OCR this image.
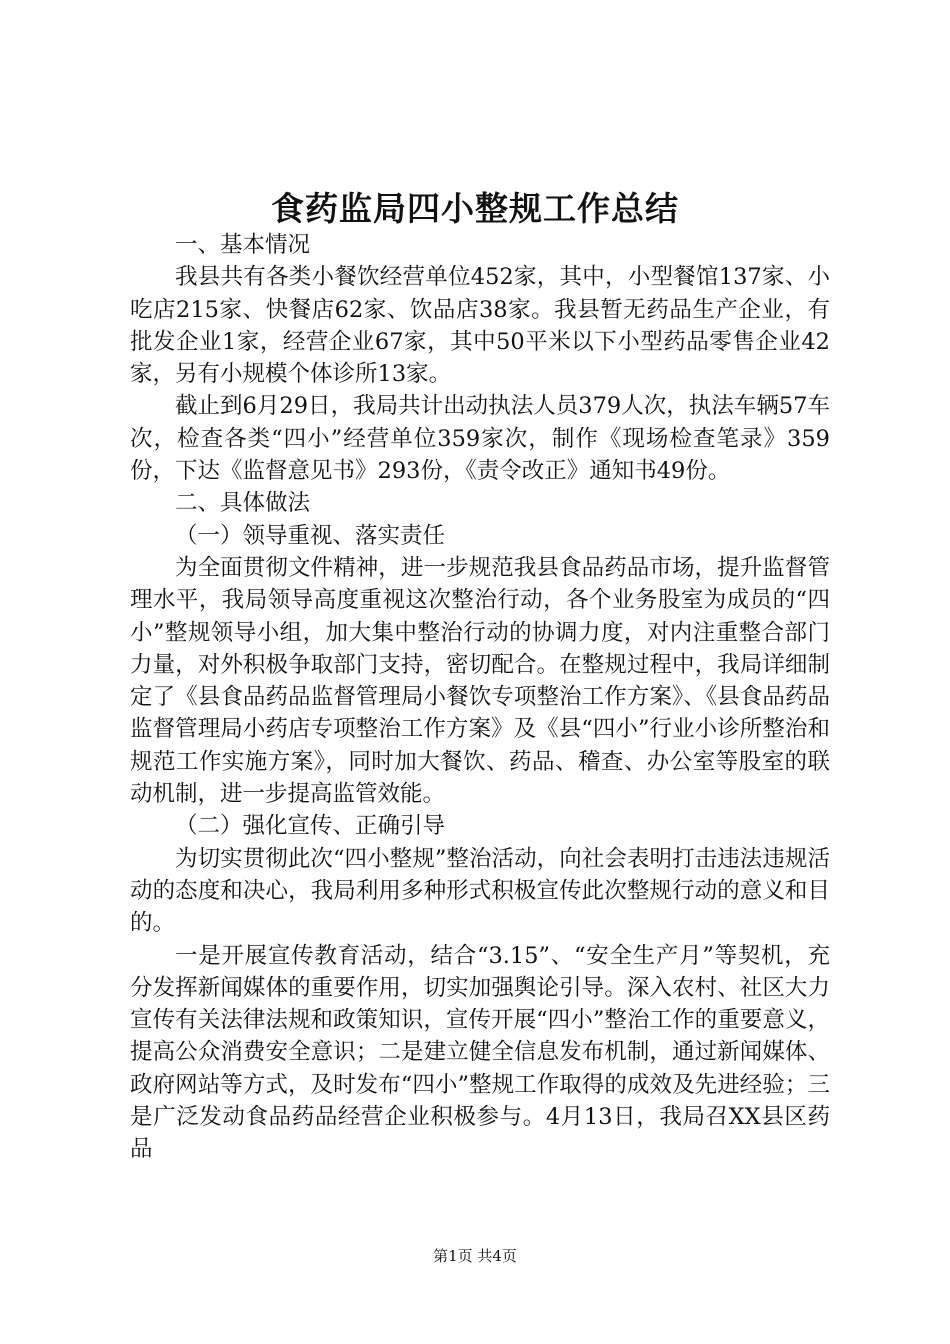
食药监局四小整规工作总结

一、基本情况

我县共有各类小餐饮经营单位452家，其中，小型餐馆137家、小吃店215家、快餐店62家、饮品店38家。我县暂无药品生产企业，有批发企业1家，经营企业67家，其中50平米以下小型药品零售企业42家，另有小规模个体诊所13家。

截止到6月29日，我局共计出动执法人员379人次，执法车辆57车次，检查各类“四小”经营单位359家次，制作《现场检查笔录》359份，下达《监督意见书》293份，《责令改正》通知书49份。

二、具体做法

（一）领导重视、落实责任

为全面贯彻文件精神，进一步规范我县食品药品市场，提升监督管理水平，我局领导高度重视这次整治行动，各个业务股室为成员的“四小”整规领导小组，加大集中整治行动的协调力度，对内注重整合部门力量，对外积极争取部门支持，密切配合。在整规过程中，我局详细制定了《县食品药品监督管理局小餐饮专项整治工作方案》、《县食品药品监督管理局小药店专项整治工作方案》及《县“四小”行业小诊所整治和规范工作实施方案》，同时加大餐饮、药品、稽查、办公室等股室的联动机制，进一步提高监管效能。

（二）强化宣传、正确引导

为切实贯彻此次“四小整规”整治活动，向社会表明打击违法违规活动的态度和决心，我局利用多种形式积极宣传此次整规行动的意义和目的。

一是开展宣传教育活动，结合“3.15”、“安全生产月”等契机，充分发挥新闻媒体的重要作用，切实加强舆论引导。深入农村、社区大力宣传有关法律法规和政策知识，宣传开展“四小”整治工作的重要意义，提高公众消费安全意识；二是建立健全信息发布机制，通过新闻媒体、政府网站等方式，及时发布“四小”整规工作取得的成效及先进经验；三是广泛发动食品药品经营企业积极参与。4月13日，我局召XX县区药品

第1页 共4页
